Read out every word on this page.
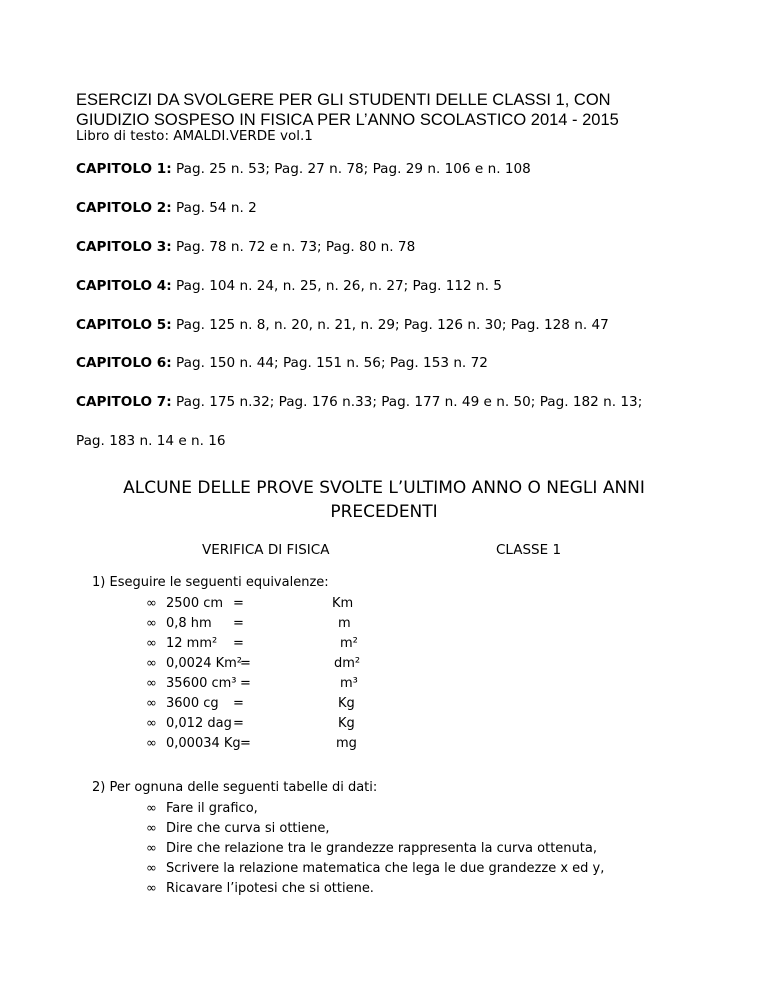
ESERCIZI DA SVOLGERE PER GLI STUDENTI DELLE CLASSI 1, CON
GIUDIZIO SOSPESO IN FISICA PER L’ANNO SCOLASTICO 2014 - 2015
Libro di testo: AMALDI.VERDE vol.1
CAPITOLO 1: Pag. 25 n. 53; Pag. 27 n. 78; Pag. 29 n. 106 e n. 108
CAPITOLO 2: Pag. 54 n. 2
CAPITOLO 3: Pag. 78 n. 72 e n. 73; Pag. 80 n. 78
CAPITOLO 4: Pag. 104 n. 24, n. 25, n. 26, n. 27; Pag. 112 n. 5
CAPITOLO 5: Pag. 125 n. 8, n. 20, n. 21, n. 29; Pag. 126 n. 30; Pag. 128 n. 47
CAPITOLO 6: Pag. 150 n. 44; Pag. 151 n. 56; Pag. 153 n. 72
CAPITOLO 7: Pag. 175 n.32; Pag. 176 n.33; Pag. 177 n. 49 e n. 50; Pag. 182 n. 13;
Pag. 183 n. 14 e n. 16
ALCUNE DELLE PROVE SVOLTE L’ULTIMO ANNO O NEGLI ANNI
PRECEDENTI
VERIFICA DI FISICA	CLASSE 1
1) Eseguire le seguenti equivalenze:
∞ 2500 cm
∞ 0,8 hm
∞ 12 mm²
∞ 0,0024 Km²
∞ 35600 cm³
∞ 3600 cg
∞ 0,012 dag
∞ 0,00034 Kg
=
=
=
=
=
=
=
=
Km
m
m²
dm²
m³
Kg
Kg
mg
2) Per ognuna delle seguenti tabelle di dati:
∞ Fare il grafico,
∞ Dire che curva si ottiene,
∞ Dire che relazione tra le grandezze rappresenta la curva ottenuta,
∞ Scrivere la relazione matematica che lega le due grandezze x ed y,
∞ Ricavare l’ipotesi che si ottiene.
